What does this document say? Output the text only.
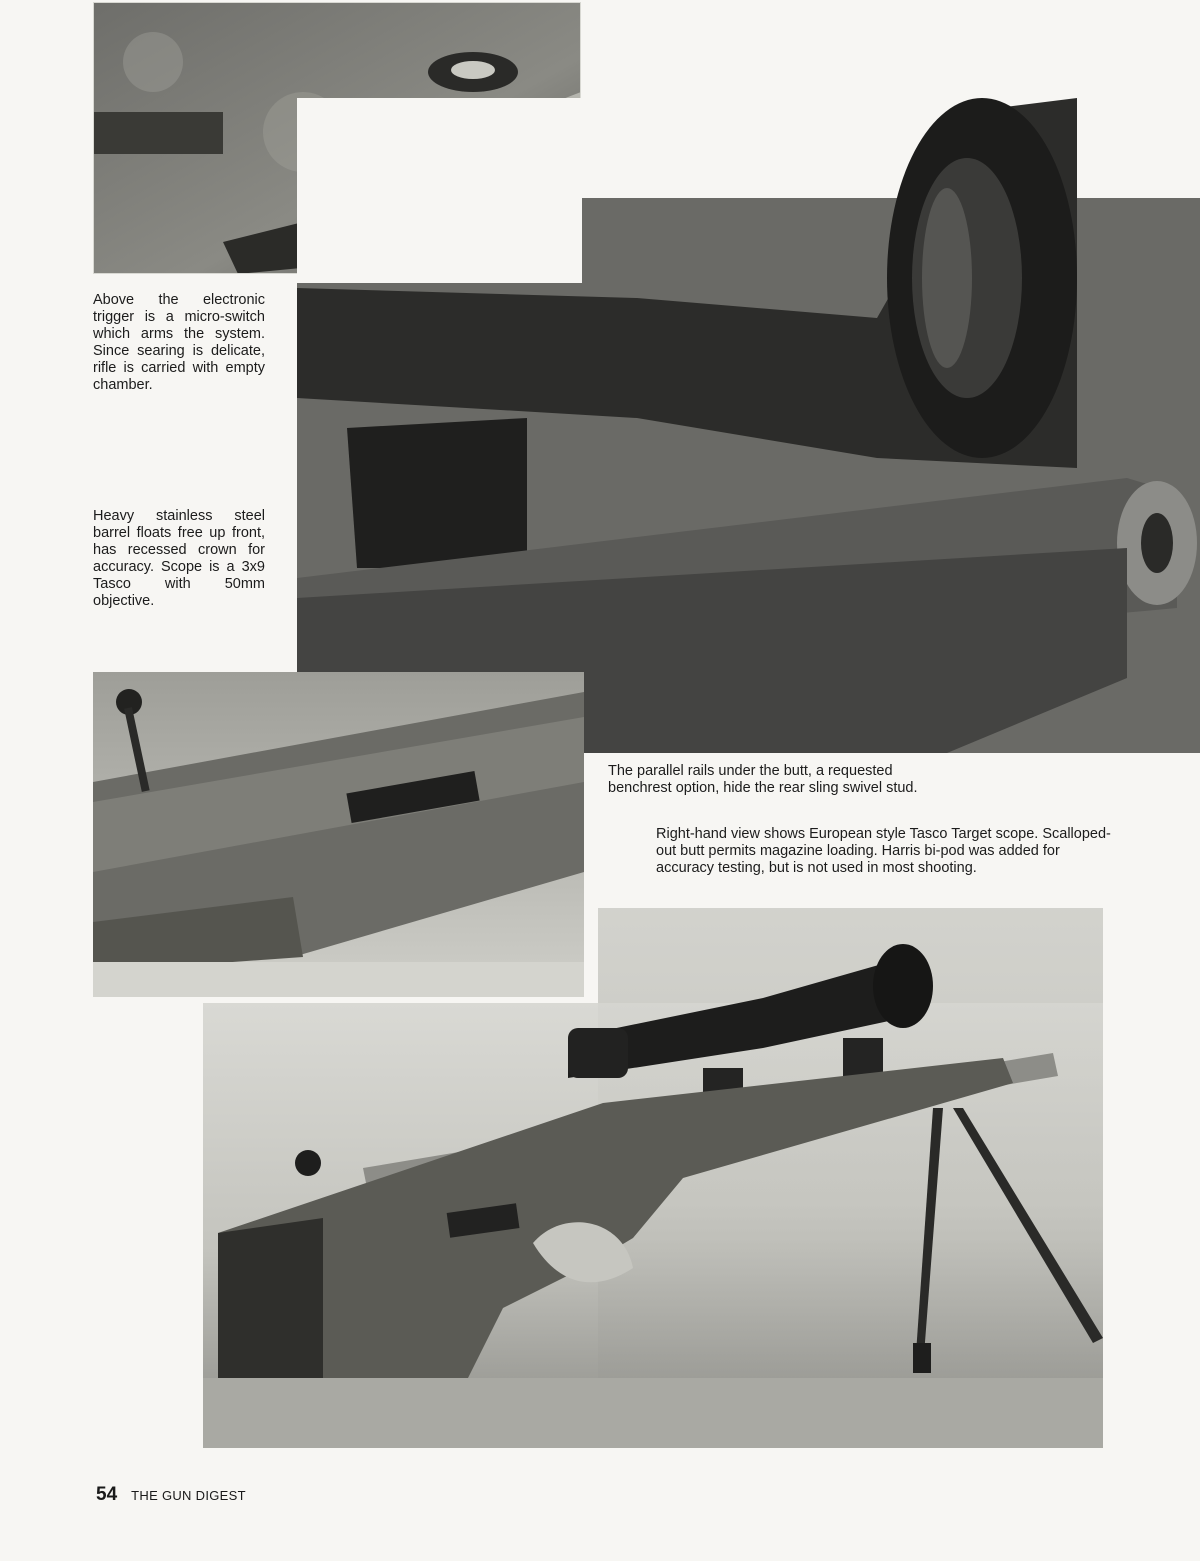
Above the electronic trigger is a micro-switch which arms the system. Since searing is delicate, rifle is carried with empty chamber.

Heavy stainless steel barrel floats free up front, has recessed crown for accuracy. Scope is a 3x9 Tasco with 50mm objective.

The parallel rails under the butt, a requested benchrest option, hide the rear sling swivel stud.

Right-hand view shows European style Tasco Target scope. Scalloped-out butt permits magazine loading. Harris bi-pod was added for accuracy testing, but is not used in most shooting.

54 THE GUN DIGEST
